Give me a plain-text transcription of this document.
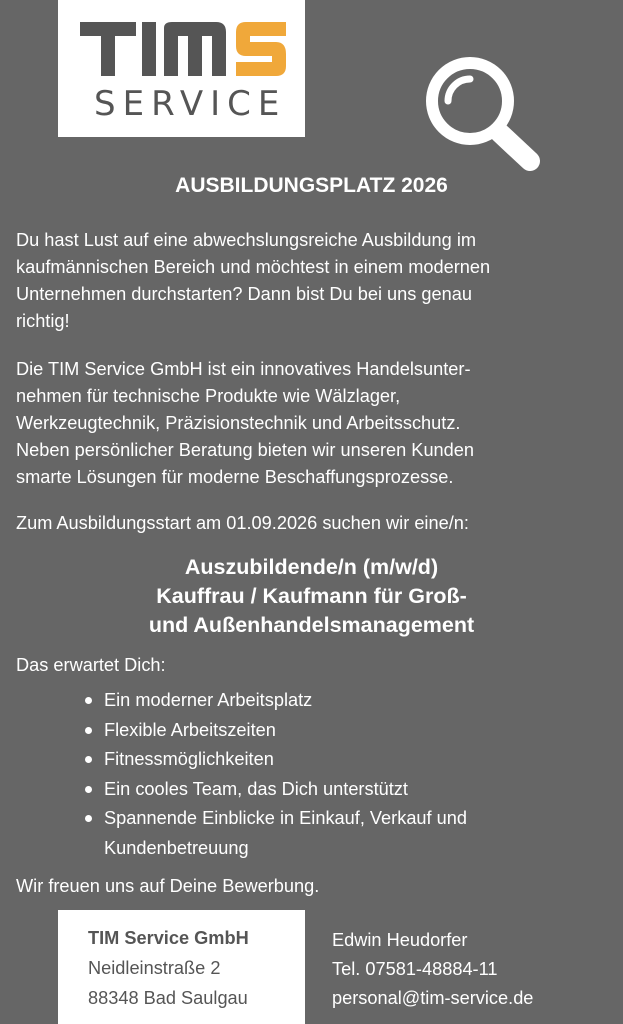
SERVICE
AUSBILDUNGSPLATZ 2026
Du hast Lust auf eine abwechslungsreiche Ausbildung im
kaufmännischen Bereich und möchtest in einem modernen
Unternehmen durchstarten? Dann bist Du bei uns genau
richtig!
Die TIM Service GmbH ist ein innovatives Handelsunter-
nehmen für technische Produkte wie Wälzlager,
Werkzeugtechnik, Präzisionstechnik und Arbeitsschutz.
Neben persönlicher Beratung bieten wir unseren Kunden
smarte Lösungen für moderne Beschaffungsprozesse.
Zum Ausbildungsstart am 01.09.2026 suchen wir eine/n:
Auszubildende/n (m/w/d)
Kauffrau / Kaufmann für Groß-
und Außenhandelsmanagement
Das erwartet Dich:
Ein moderner Arbeitsplatz
Flexible Arbeitszeiten
Fitnessmöglichkeiten
Ein cooles Team, das Dich unterstützt
Spannende Einblicke in Einkauf, Verkauf und
Kundenbetreuung
Wir freuen uns auf Deine Bewerbung.
TIM Service GmbH
Neidleinstraße 2
88348 Bad Saulgau
Edwin Heudorfer
Tel. 07581-48884-11
personal@tim-service.de
